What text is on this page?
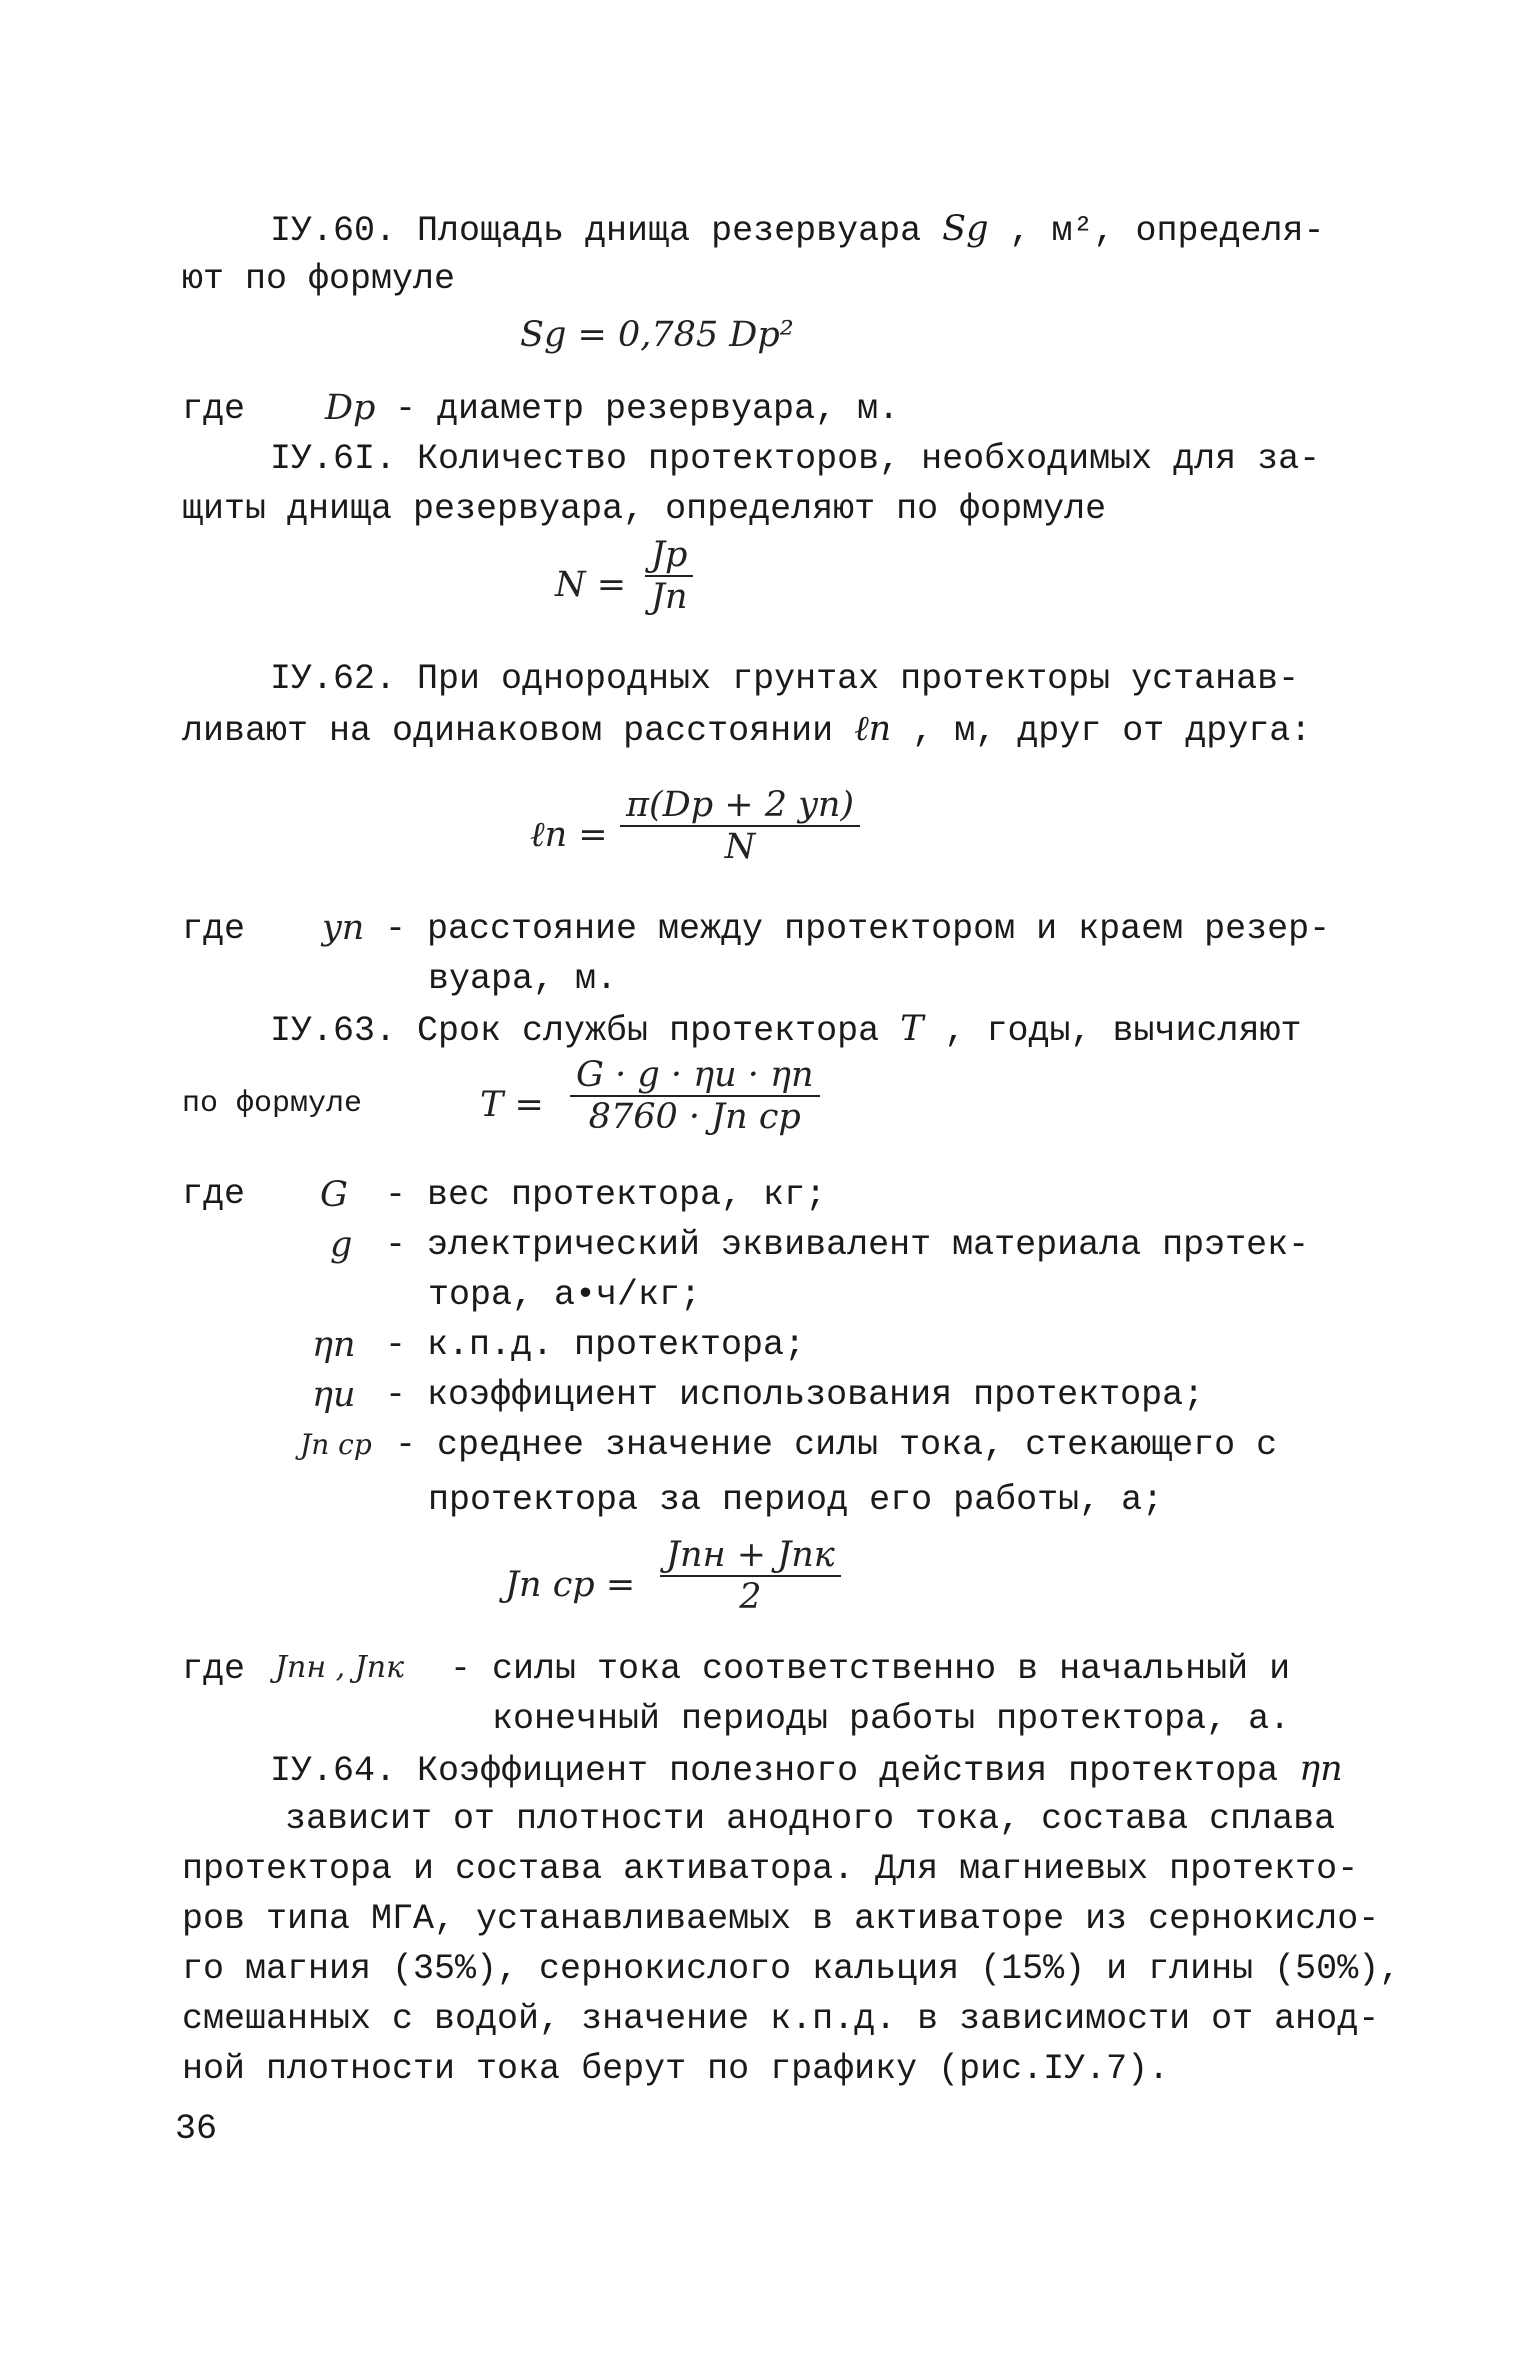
IУ.60. Площадь днища резервуара Sg , м², определя-
ют по формуле
Sg = 0,785 Dp²
где Dp - диаметр резервуара, м.
IУ.6I. Количество протекторов, необходимых для за-
щиты днища резервуара, определяют по формуле
N =
Jp
Jп
IУ.62. При однородных грунтах протекторы устанав-
ливают на одинаковом расстоянии ℓп , м, друг от друга:
ℓп =
π(Dp + 2 yп)
N
где yп - расстояние между протектором и краем резер-
вуара, м.
IУ.63. Срок службы протектора T , годы, вычисляют
по формуле	T =
G · g · ηи · ηп
8760 · Jп ср
где G - вес протектора, кг;
g - электрический эквивалент материала прэтек-
тора, а•ч/кг;
ηп - к.п.д. протектора;
ηи - коэффициент использования протектора;
Jп ср - среднее значение силы тока, стекающего с
протектора за период его работы, а;
Jп ср =
Jпн + Jпк
2
где Jпн , Jпк - силы тока соответственно в начальный и
конечный периоды работы протектора, а.
IУ.64. Коэффициент полезного действия протектора ηп
зависит от плотности анодного тока, состава сплава
протектора и состава активатора. Для магниевых протекто-
ров типа МГА, устанавливаемых в активаторе из сернокисло-
го магния (35%), сернокислого кальция (15%) и глины (50%),
смешанных с водой, значение к.п.д. в зависимости от анод-
ной плотности тока берут по графику (рис.IУ.7).
36
